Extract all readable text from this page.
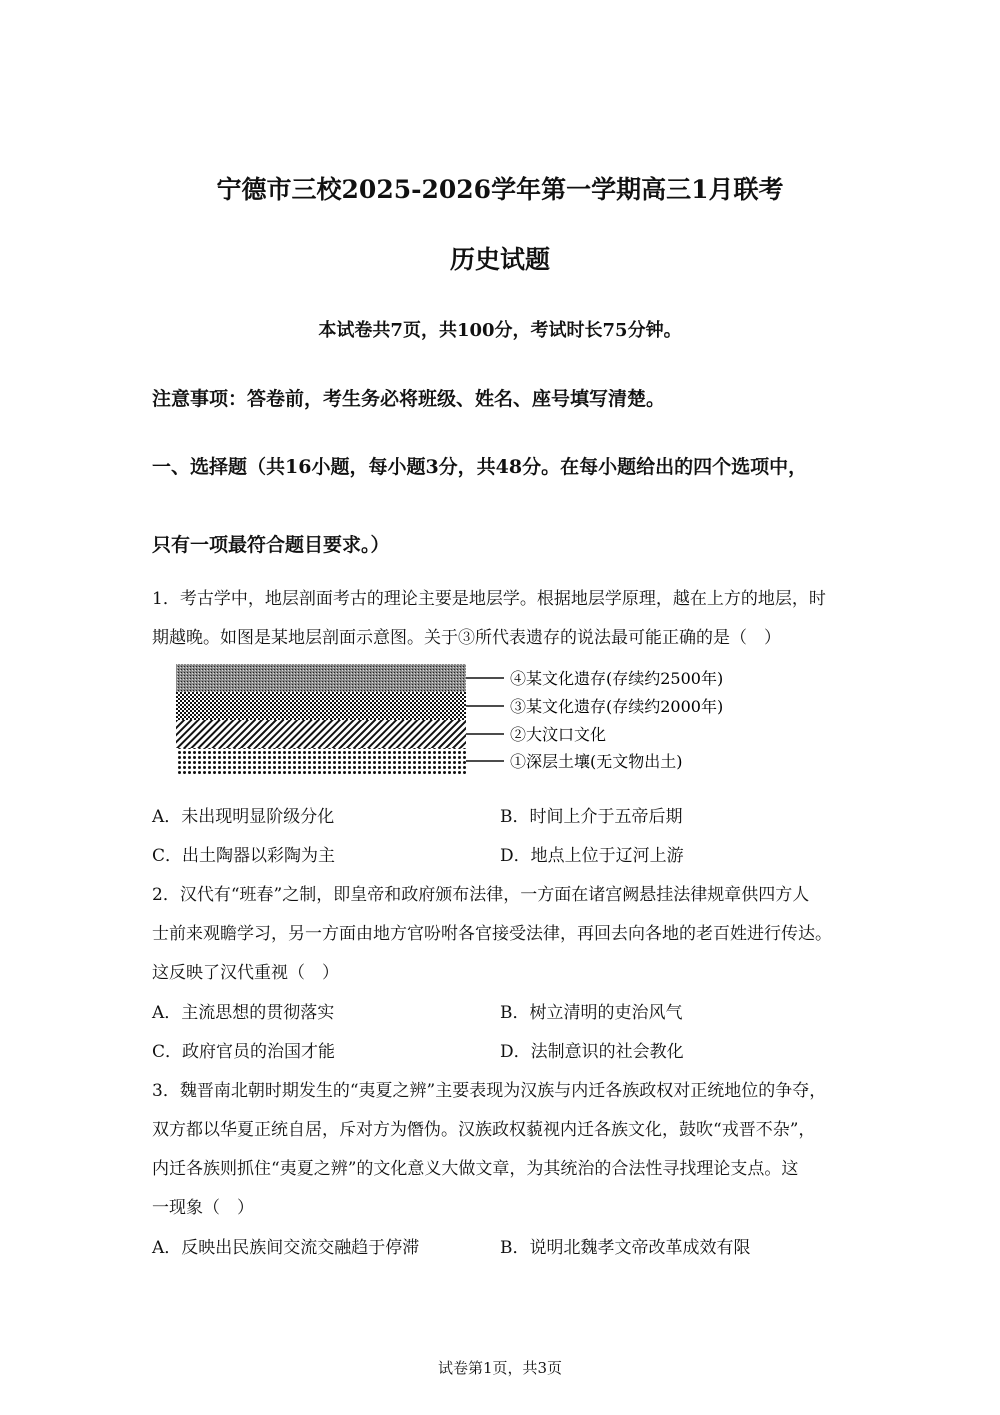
宁德市三校2025-2026学年第一学期高三1月联考
历史试题
本试卷共7页，共100分，考试时长75分钟。
注意事项：答卷前，考生务必将班级、姓名、座号填写清楚。
一、选择题（共16小题，每小题3分，共48分。在每小题给出的四个选项中，
只有一项最符合题目要求。）
1．考古学中，地层剖面考古的理论主要是地层学。根据地层学原理，越在上方的地层，时
期越晚。如图是某地层剖面示意图。关于③所代表遗存的说法最可能正确的是（　）
④某文化遗存(存续约2500年)
③某文化遗存(存续约2000年)
②大汶口文化
①深层土壤(无文物出土)
A．未出现明显阶级分化	B．时间上介于五帝后期
C．出土陶器以彩陶为主	D．地点上位于辽河上游
2．汉代有“班春”之制，即皇帝和政府颁布法律，一方面在诸宫阙悬挂法律规章供四方人
士前来观瞻学习，另一方面由地方官吩咐各官接受法律，再回去向各地的老百姓进行传达。
这反映了汉代重视（　）
A．主流思想的贯彻落实	B．树立清明的吏治风气
C．政府官员的治国才能	D．法制意识的社会教化
3．魏晋南北朝时期发生的“夷夏之辨”主要表现为汉族与内迁各族政权对正统地位的争夺，
双方都以华夏正统自居，斥对方为僭伪。汉族政权藐视内迁各族文化，鼓吹“戎晋不杂”，
内迁各族则抓住“夷夏之辨”的文化意义大做文章，为其统治的合法性寻找理论支点。这
一现象（　）
A．反映出民族间交流交融趋于停滞	B．说明北魏孝文帝改革成效有限
试卷第1页，共3页
